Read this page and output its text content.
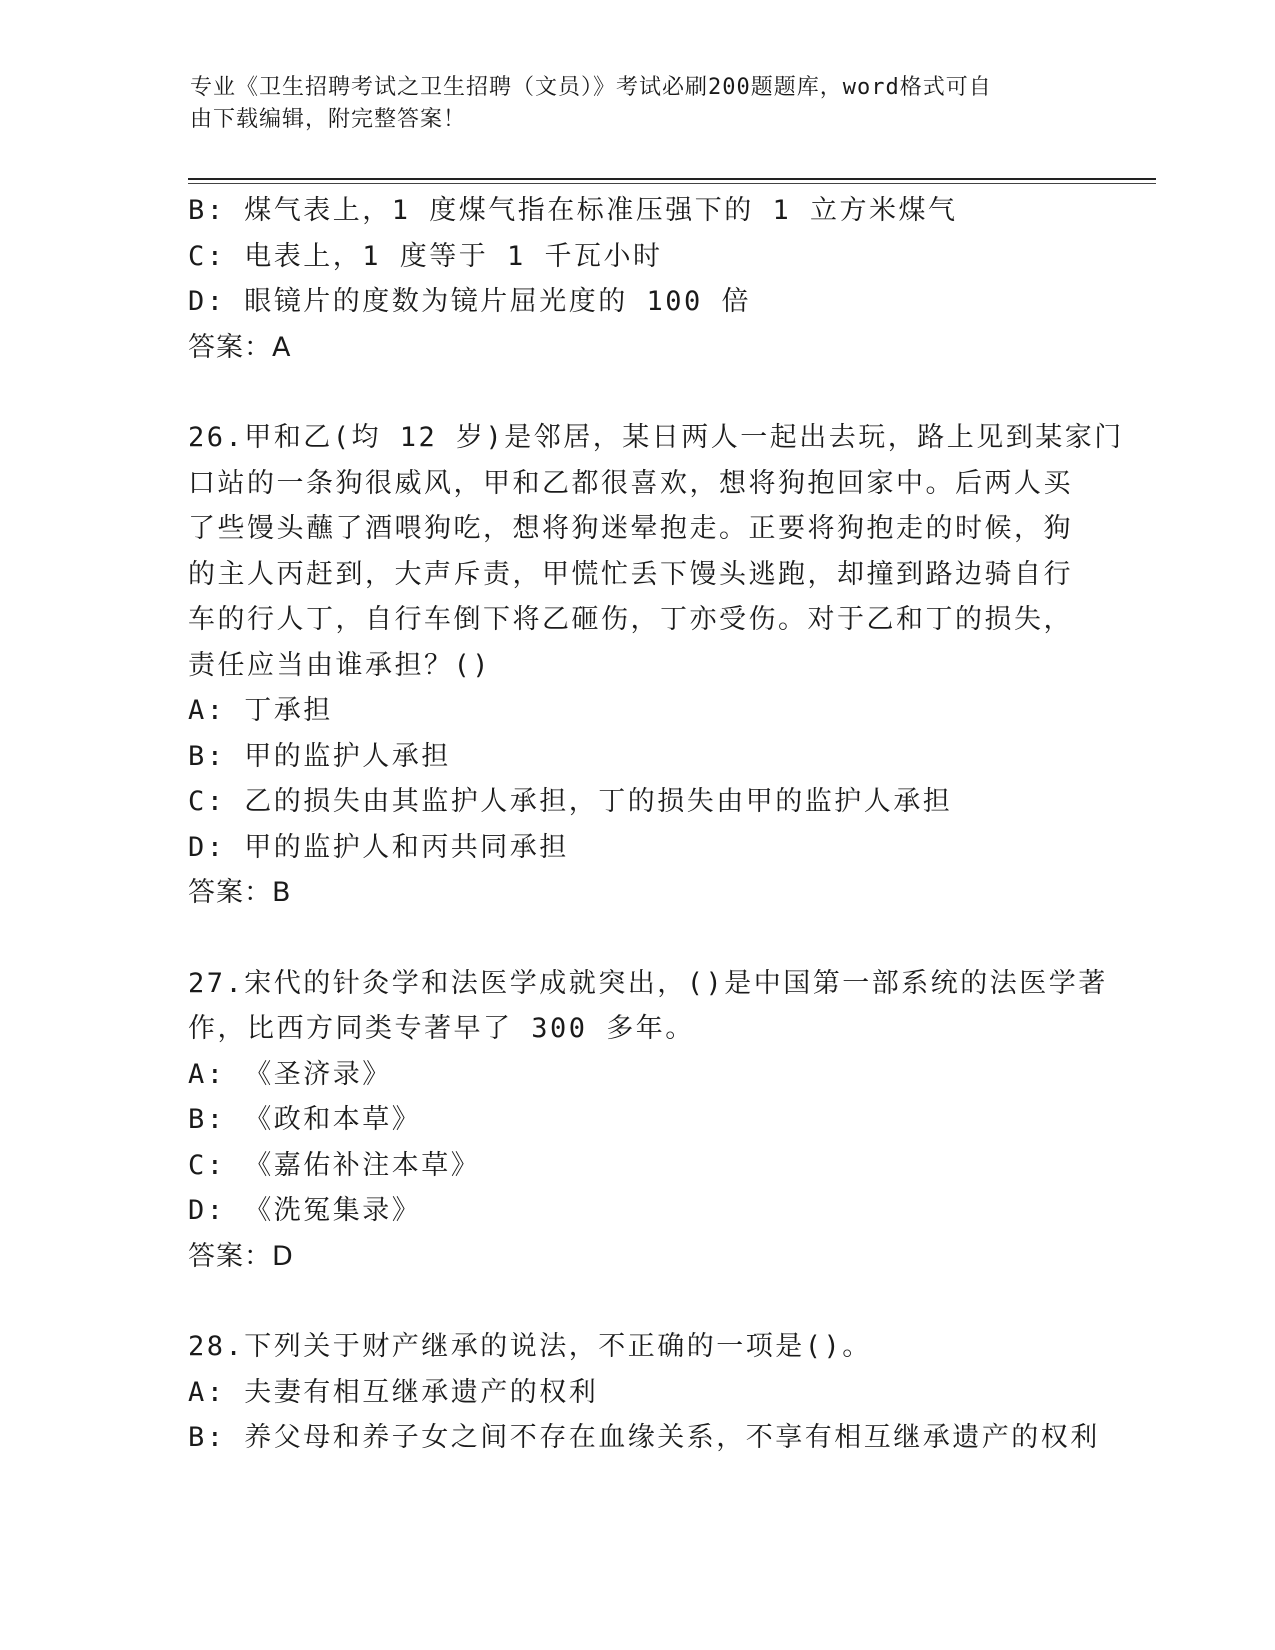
专业《卫生招聘考试之卫生招聘（文员）》考试必刷200题题库，word格式可自
由下载编辑，附完整答案！
B: 煤气表上，1 度煤气指在标准压强下的 1 立方米煤气
C: 电表上，1 度等于 1 千瓦小时
D: 眼镜片的度数为镜片屈光度的 100 倍
答案：A
26.甲和乙(均 12 岁)是邻居，某日两人一起出去玩，路上见到某家门
口站的一条狗很威风，甲和乙都很喜欢，想将狗抱回家中。后两人买
了些馒头蘸了酒喂狗吃，想将狗迷晕抱走。正要将狗抱走的时候，狗
的主人丙赶到，大声斥责，甲慌忙丢下馒头逃跑，却撞到路边骑自行
车的行人丁，自行车倒下将乙砸伤，丁亦受伤。对于乙和丁的损失，
责任应当由谁承担？()
A: 丁承担
B: 甲的监护人承担
C: 乙的损失由其监护人承担，丁的损失由甲的监护人承担
D: 甲的监护人和丙共同承担
答案：B
27.宋代的针灸学和法医学成就突出，()是中国第一部系统的法医学著
作，比西方同类专著早了 300 多年。
A: 《圣济录》
B: 《政和本草》
C: 《嘉佑补注本草》
D: 《洗冤集录》
答案：D
28.下列关于财产继承的说法，不正确的一项是()。
A: 夫妻有相互继承遗产的权利
B: 养父母和养子女之间不存在血缘关系，不享有相互继承遗产的权利
